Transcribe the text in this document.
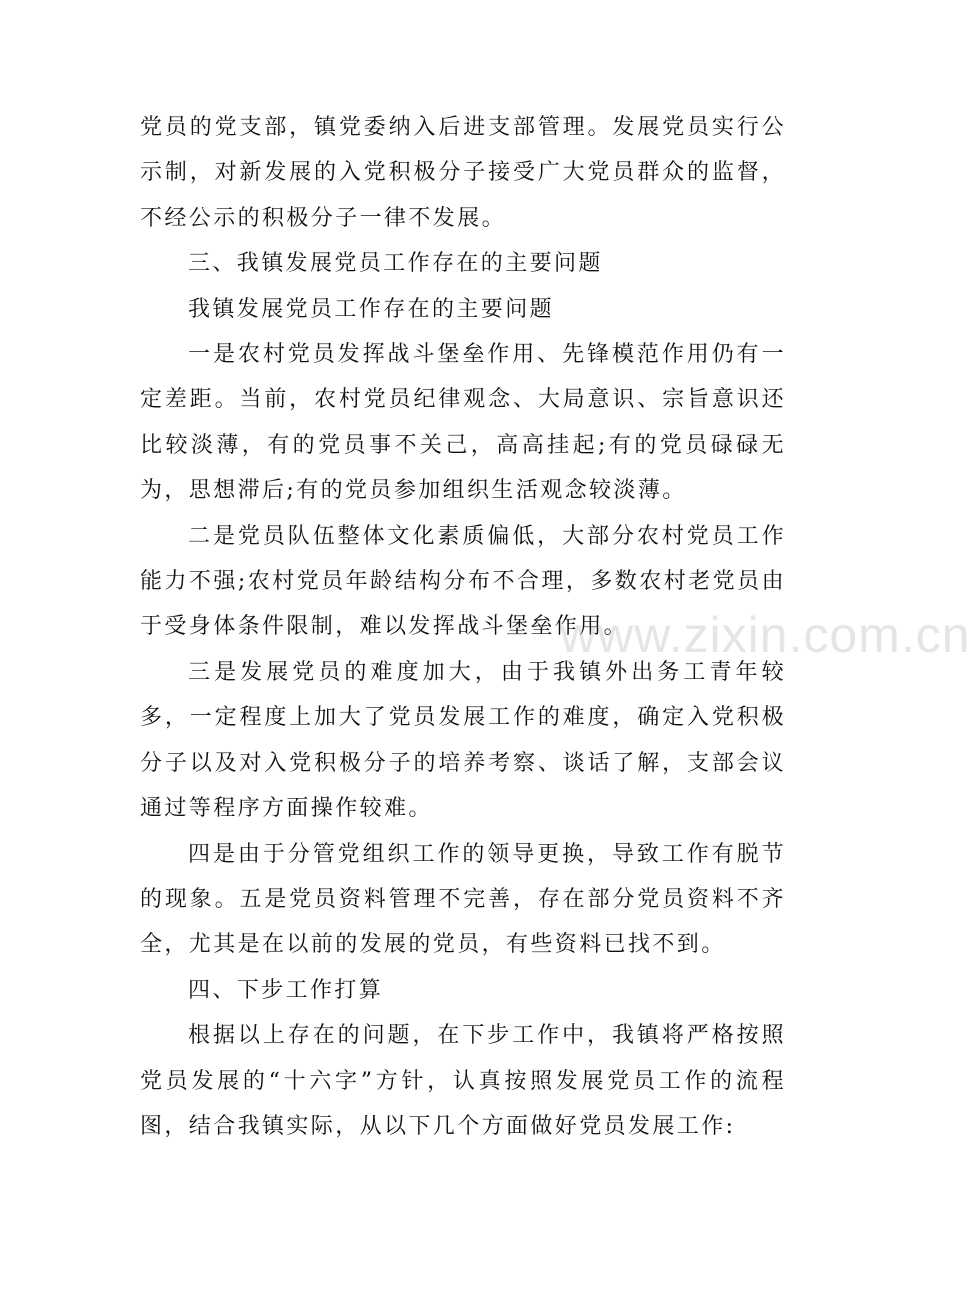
党员的党支部，镇党委纳入后进支部管理。发展党员实行公示制，对新发展的入党积极分子接受广大党员群众的监督，不经公示的积极分子一律不发展。

三、我镇发展党员工作存在的主要问题

我镇发展党员工作存在的主要问题

一是农村党员发挥战斗堡垒作用、先锋模范作用仍有一定差距。当前，农村党员纪律观念、大局意识、宗旨意识还比较淡薄，有的党员事不关己，高高挂起;有的党员碌碌无为，思想滞后;有的党员参加组织生活观念较淡薄。

二是党员队伍整体文化素质偏低，大部分农村党员工作能力不强;农村党员年龄结构分布不合理，多数农村老党员由于受身体条件限制，难以发挥战斗堡垒作用。

三是发展党员的难度加大，由于我镇外出务工青年较多，一定程度上加大了党员发展工作的难度，确定入党积极分子以及对入党积极分子的培养考察、谈话了解，支部会议通过等程序方面操作较难。

四是由于分管党组织工作的领导更换，导致工作有脱节的现象。五是党员资料管理不完善，存在部分党员资料不齐全，尤其是在以前的发展的党员，有些资料已找不到。

四、下步工作打算

根据以上存在的问题，在下步工作中，我镇将严格按照党员发展的“十六字”方针，认真按照发展党员工作的流程图，结合我镇实际，从以下几个方面做好党员发展工作:

www.zixin.com.cn
